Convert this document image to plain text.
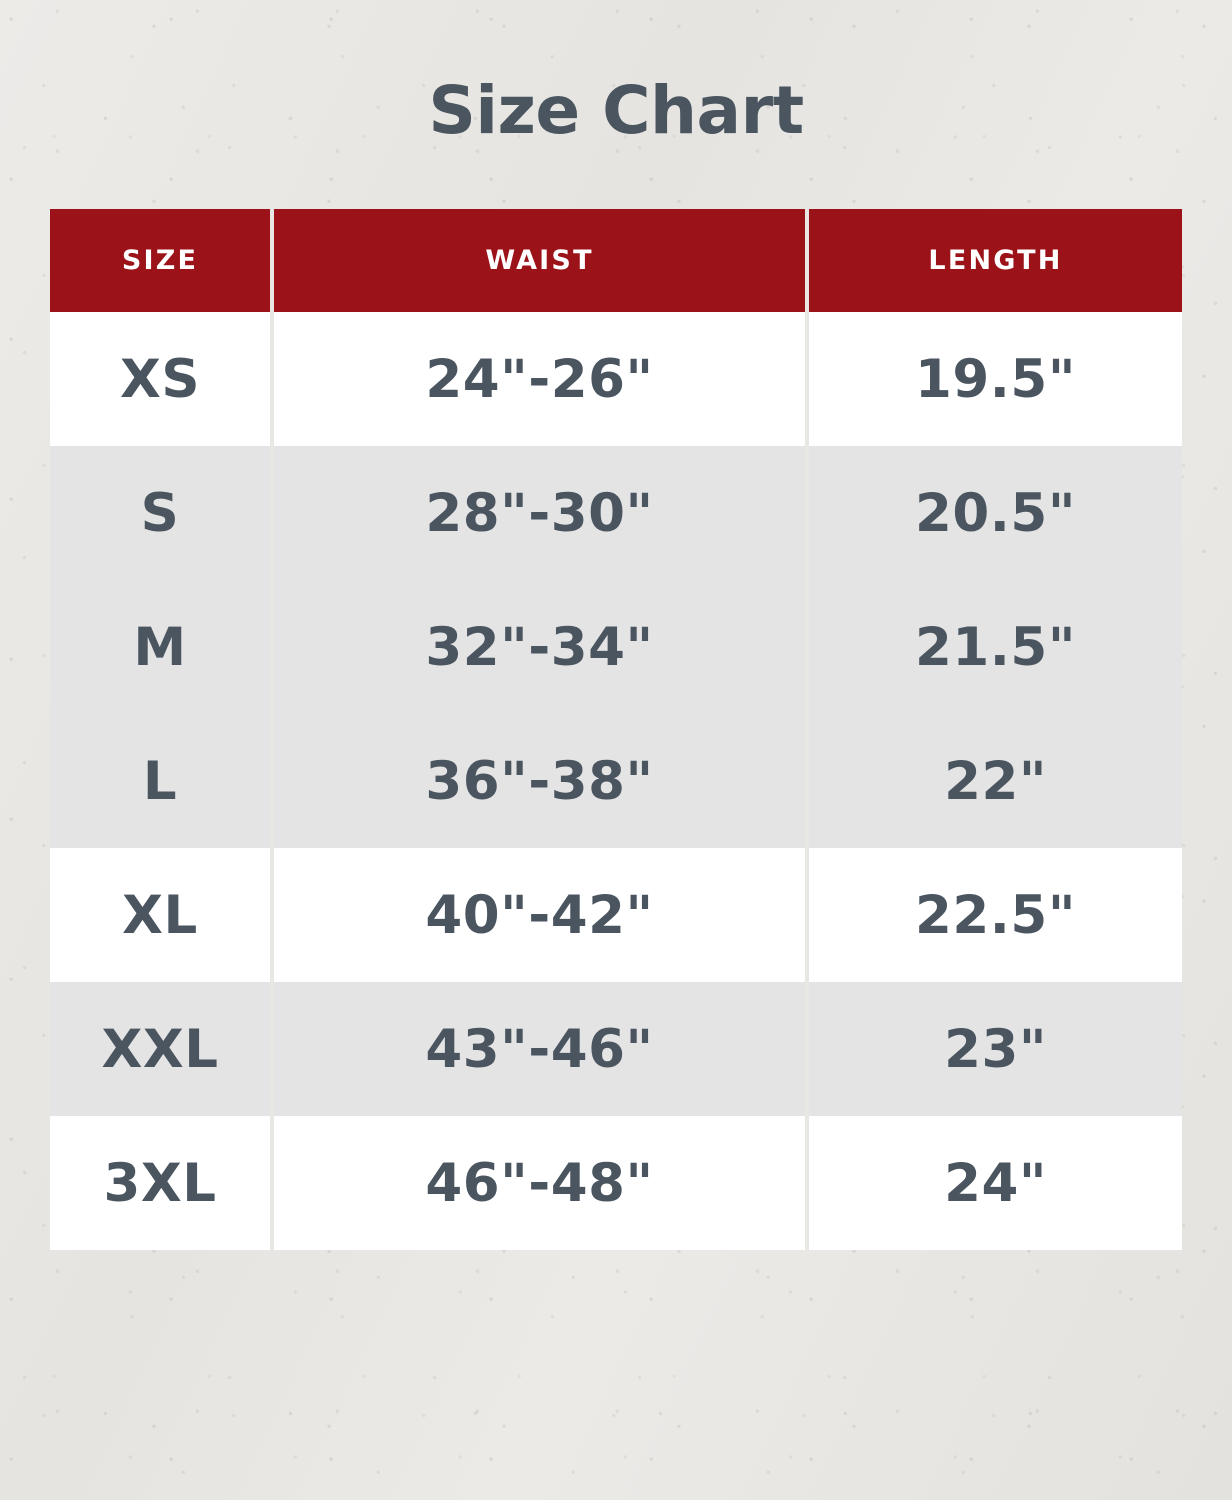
Size Chart
SIZE	WAIST	LENGTH
XS	24"-26"	19.5"
S	28"-30"	20.5"
M	32"-34"	21.5"
L	36"-38"	22"
XL	40"-42"	22.5"
XXL	43"-46"	23"
3XL	46"-48"	24"
